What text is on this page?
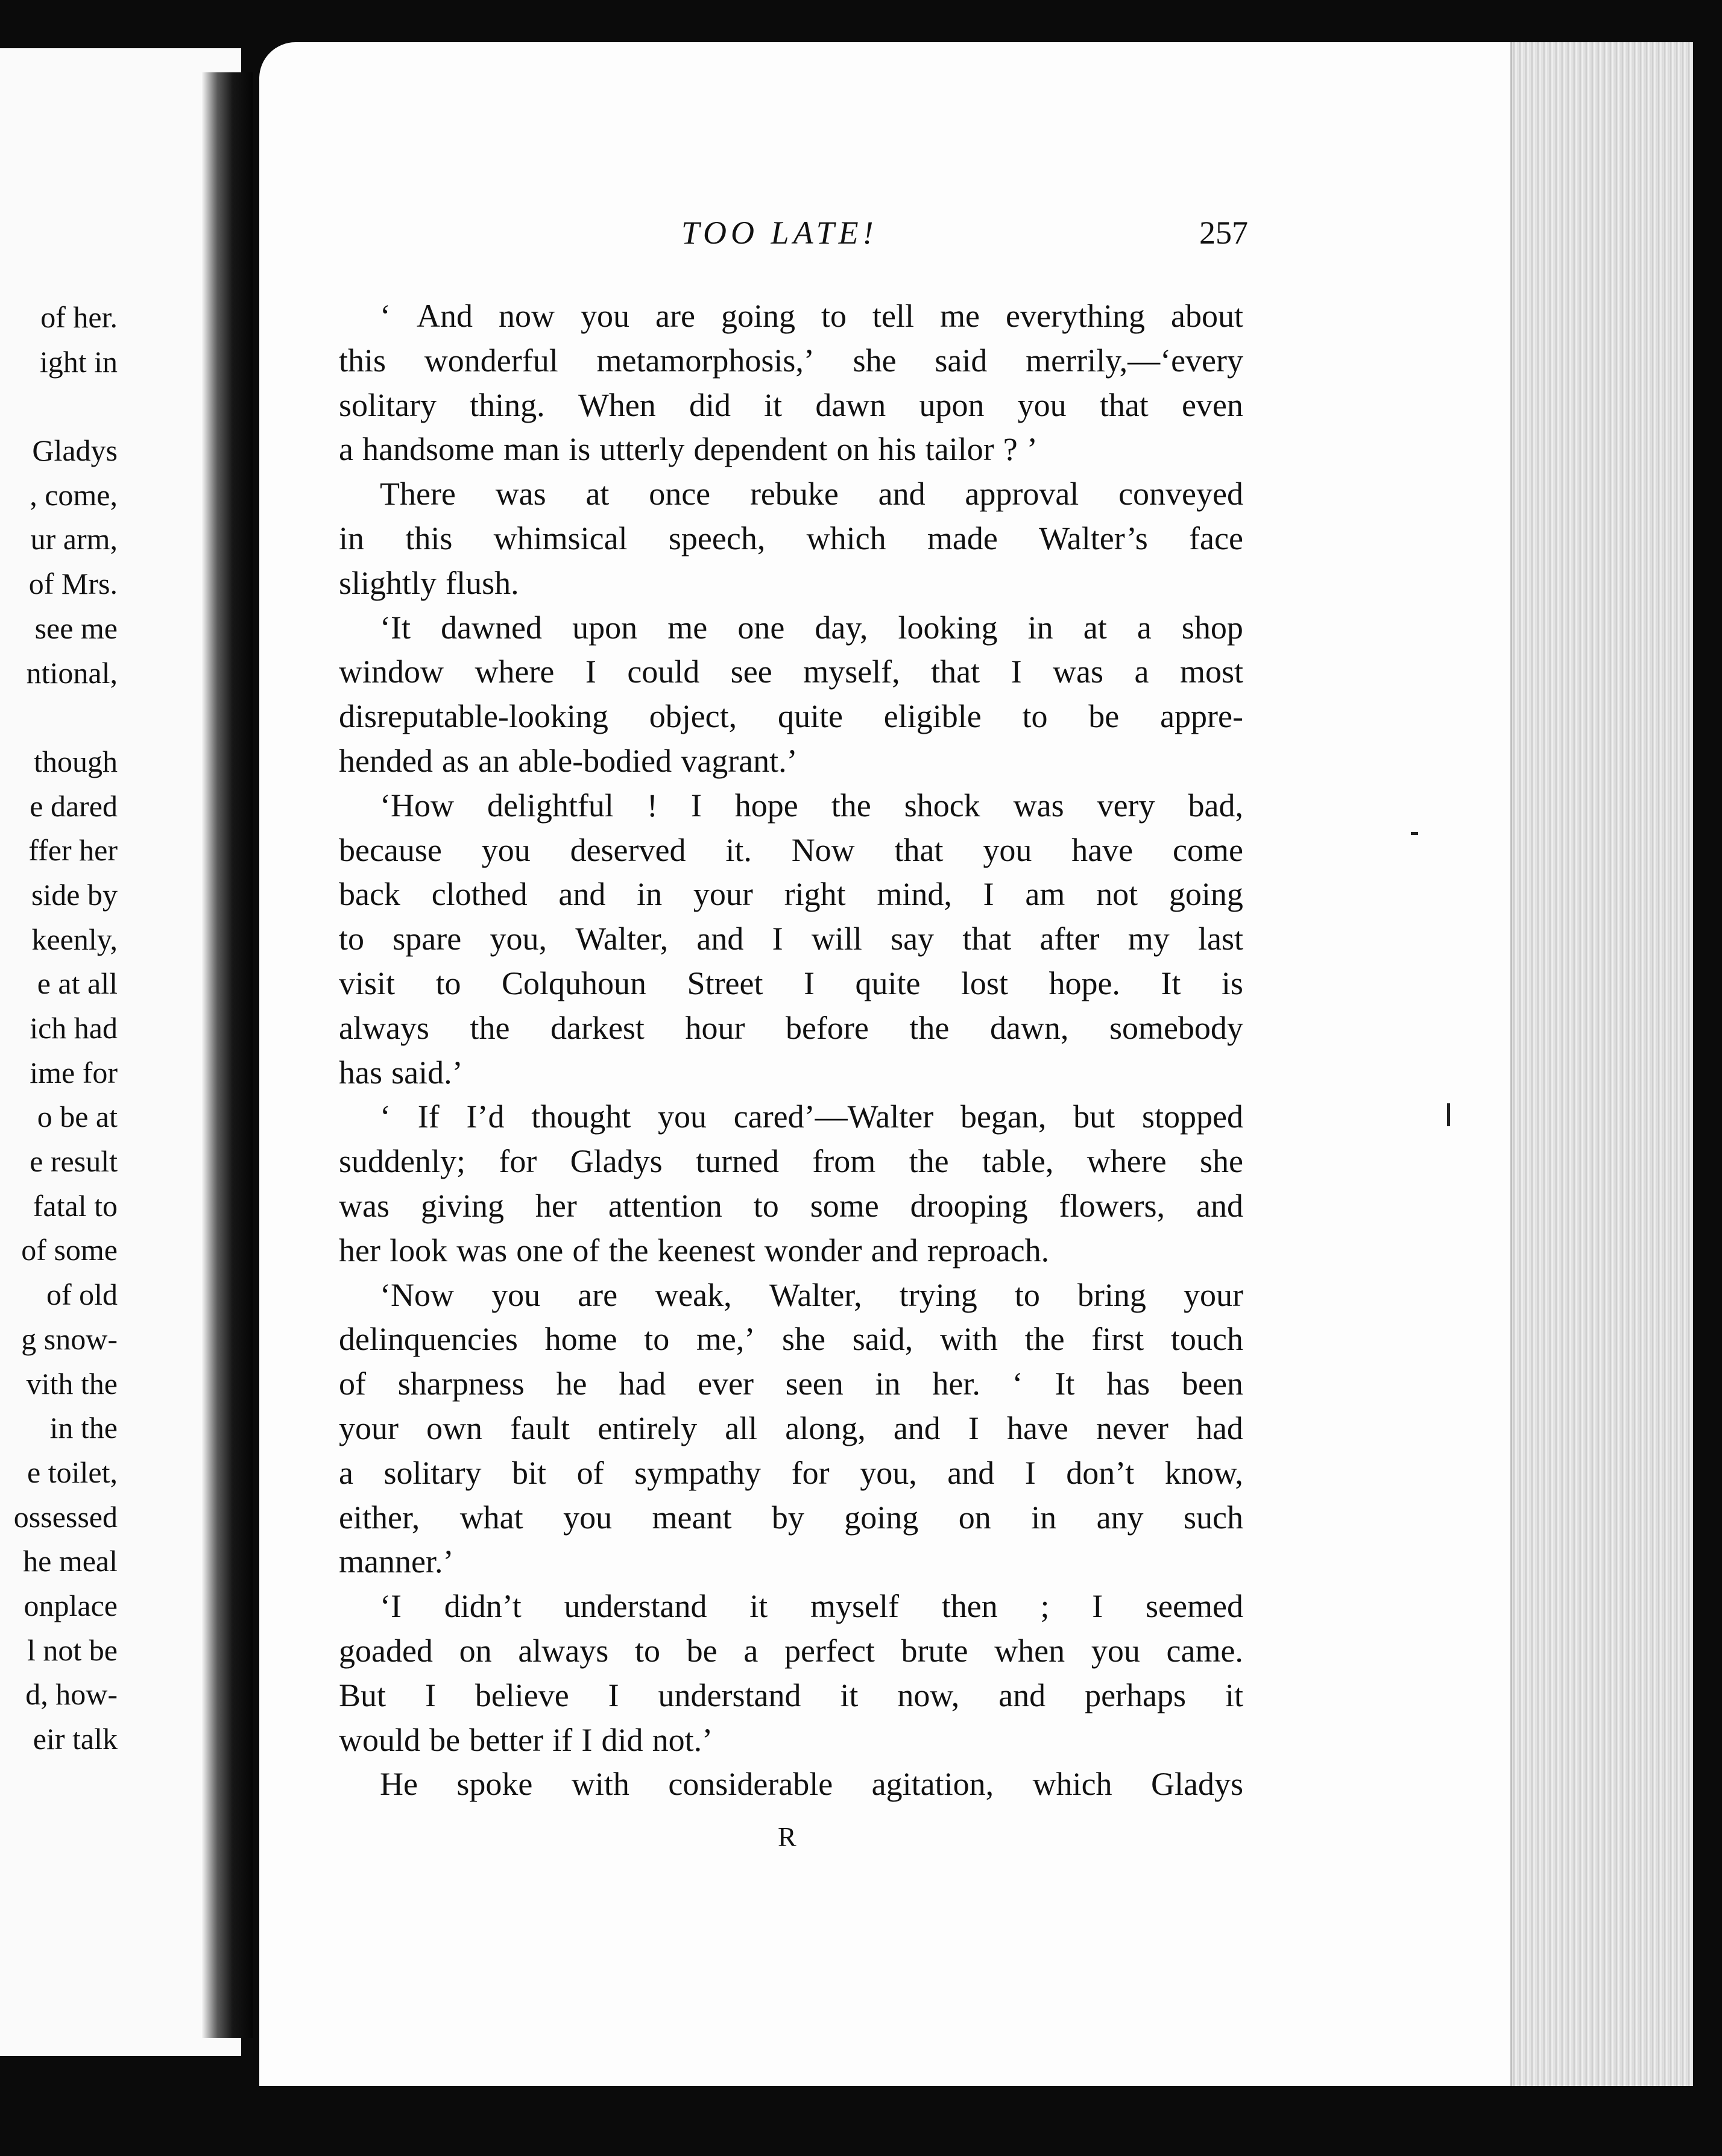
of her.
ight in
Gladys
, come,
ur arm,
of Mrs.
see me
ntional,
though
e dared
ffer her
side by
keenly,
e at all
ich had
ime for
o be at
e result
fatal to
of some
of old
g snow-
vith the
in the
e toilet,
ossessed
he meal
onplace
l not be
d, how-
eir talk
TOO LATE!	257
‘ And now you are going to tell me everything about
this wonderful metamorphosis,’ she said merrily,—‘every
solitary thing. When did it dawn upon you that even
a handsome man is utterly dependent on his tailor ? ’
There was at once rebuke and approval conveyed
in this whimsical speech, which made Walter’s face
slightly flush.
‘It dawned upon me one day, looking in at a shop
window where I could see myself, that I was a most
disreputable-looking object, quite eligible to be appre-
hended as an able-bodied vagrant.’
‘How delightful ! I hope the shock was very bad,
because you deserved it. Now that you have come
back clothed and in your right mind, I am not going
to spare you, Walter, and I will say that after my last
visit to Colquhoun Street I quite lost hope. It is
always the darkest hour before the dawn, somebody
has said.’
‘ If I’d thought you cared’—Walter began, but stopped
suddenly; for Gladys turned from the table, where she
was giving her attention to some drooping flowers, and
her look was one of the keenest wonder and reproach.
‘Now you are weak, Walter, trying to bring your
delinquencies home to me,’ she said, with the first touch
of sharpness he had ever seen in her. ‘ It has been
your own fault entirely all along, and I have never had
a solitary bit of sympathy for you, and I don’t know,
either, what you meant by going on in any such
manner.’
‘I didn’t understand it myself then ; I seemed
goaded on always to be a perfect brute when you came.
But I believe I understand it now, and perhaps it
would be better if I did not.’
He spoke with considerable agitation, which Gladys
R
